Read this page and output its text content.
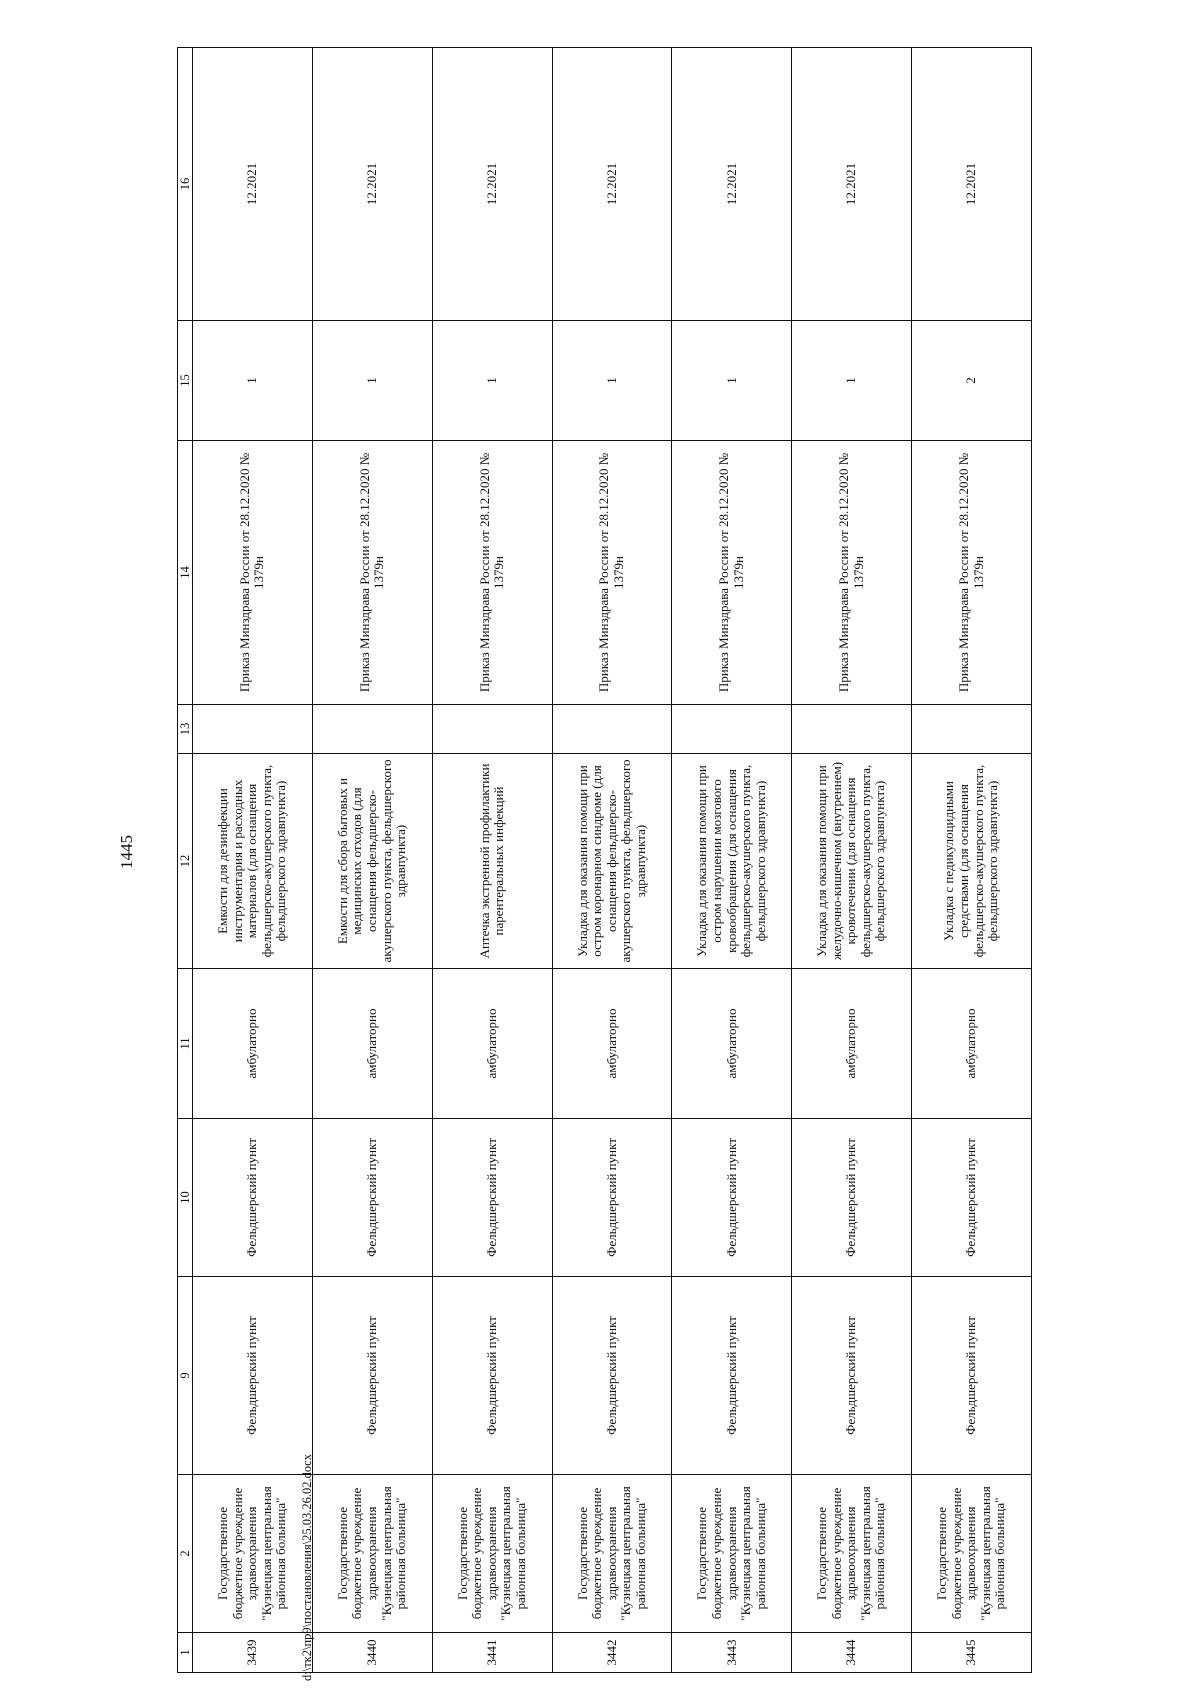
1445
d:\тк2\пр9\постановления\25.03.26.02.docx
1	2	9	10	11	12	13	14	15	16
3439	Государственное бюджетное учреждение здравоохранения "Кузнецкая центральная районная больница"	Фельдшерский пункт	Фельдшерский пункт	амбулаторно	Емкости для дезинфекции инструментария и расходных материалов (для оснащения фельдшерско-акушерского пункта, фельдшерского здравпункта)		Приказ Минздрава России от 28.12.2020 № 1379н	1	12.2021
3440	Государственное бюджетное учреждение здравоохранения "Кузнецкая центральная районная больница"	Фельдшерский пункт	Фельдшерский пункт	амбулаторно	Емкости для сбора бытовых и медицинских отходов (для оснащения фельдшерско-акушерского пункта, фельдшерского здравпункта)		Приказ Минздрава России от 28.12.2020 № 1379н	1	12.2021
3441	Государственное бюджетное учреждение здравоохранения "Кузнецкая центральная районная больница"	Фельдшерский пункт	Фельдшерский пункт	амбулаторно	Аптечка экстренной профилактики парентеральных инфекций		Приказ Минздрава России от 28.12.2020 № 1379н	1	12.2021
3442	Государственное бюджетное учреждение здравоохранения "Кузнецкая центральная районная больница"	Фельдшерский пункт	Фельдшерский пункт	амбулаторно	Укладка для оказания помощи при остром коронарном синдроме (для оснащения фельдшерско-акушерского пункта, фельдшерского здравпункта)		Приказ Минздрава России от 28.12.2020 № 1379н	1	12.2021
3443	Государственное бюджетное учреждение здравоохранения "Кузнецкая центральная районная больница"	Фельдшерский пункт	Фельдшерский пункт	амбулаторно	Укладка для оказания помощи при остром нарушении мозгового кровообращения (для оснащения фельдшерско-акушерского пункта, фельдшерского здравпункта)		Приказ Минздрава России от 28.12.2020 № 1379н	1	12.2021
3444	Государственное бюджетное учреждение здравоохранения "Кузнецкая центральная районная больница"	Фельдшерский пункт	Фельдшерский пункт	амбулаторно	Укладка для оказания помощи при желудочно-кишечном (внутреннем) кровотечении (для оснащения фельдшерско-акушерского пункта, фельдшерского здравпункта)		Приказ Минздрава России от 28.12.2020 № 1379н	1	12.2021
3445	Государственное бюджетное учреждение здравоохранения "Кузнецкая центральная районная больница"	Фельдшерский пункт	Фельдшерский пункт	амбулаторно	Укладка с педикулоцидными средствами (для оснащения фельдшерско-акушерского пункта, фельдшерского здравпункта)		Приказ Минздрава России от 28.12.2020 № 1379н	2	12.2021
